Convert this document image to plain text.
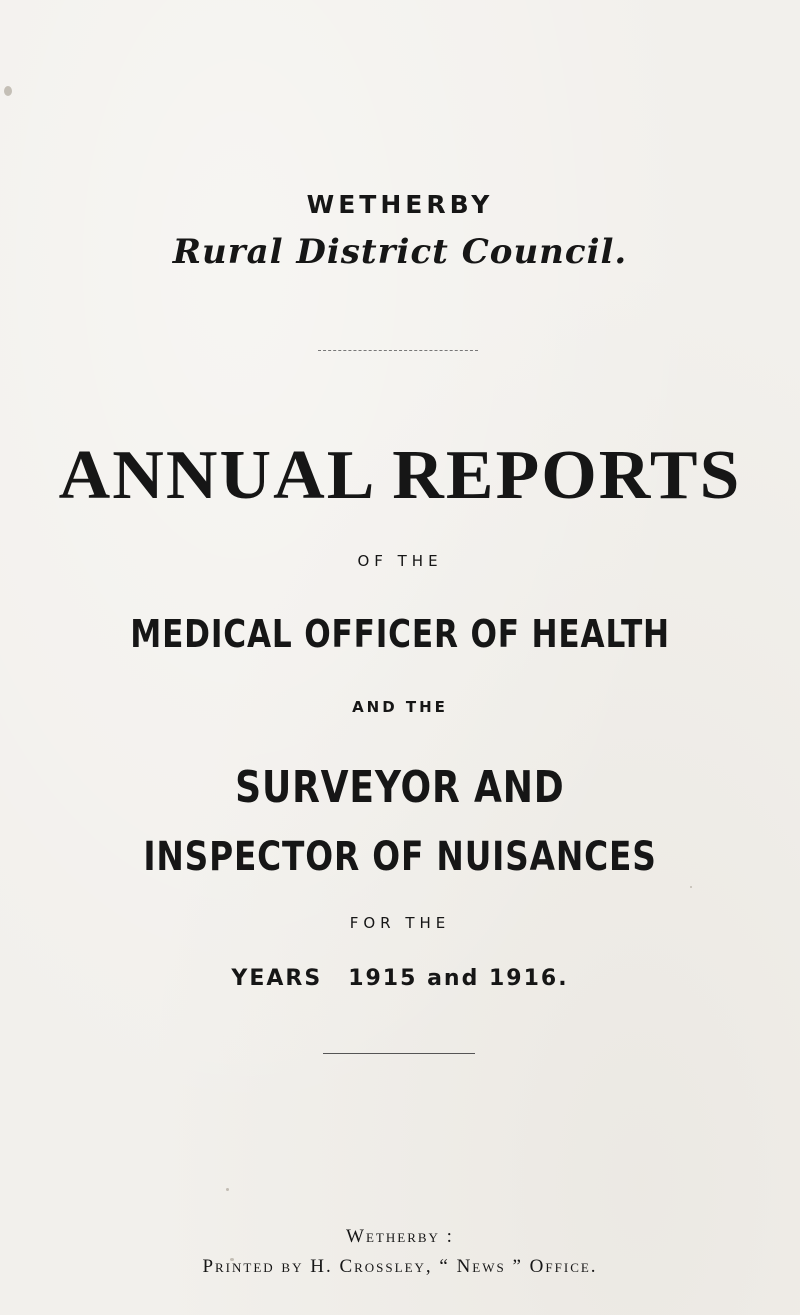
WETHERBY
Rural District Council.
ANNUAL REPORTS
OF THE
MEDICAL OFFICER OF HEALTH
AND THE
SURVEYOR AND
INSPECTOR OF NUISANCES
FOR THE
YEARS 1915 and 1916.
Wetherby :
Printed by H. Crossley, “ News ” Office.
